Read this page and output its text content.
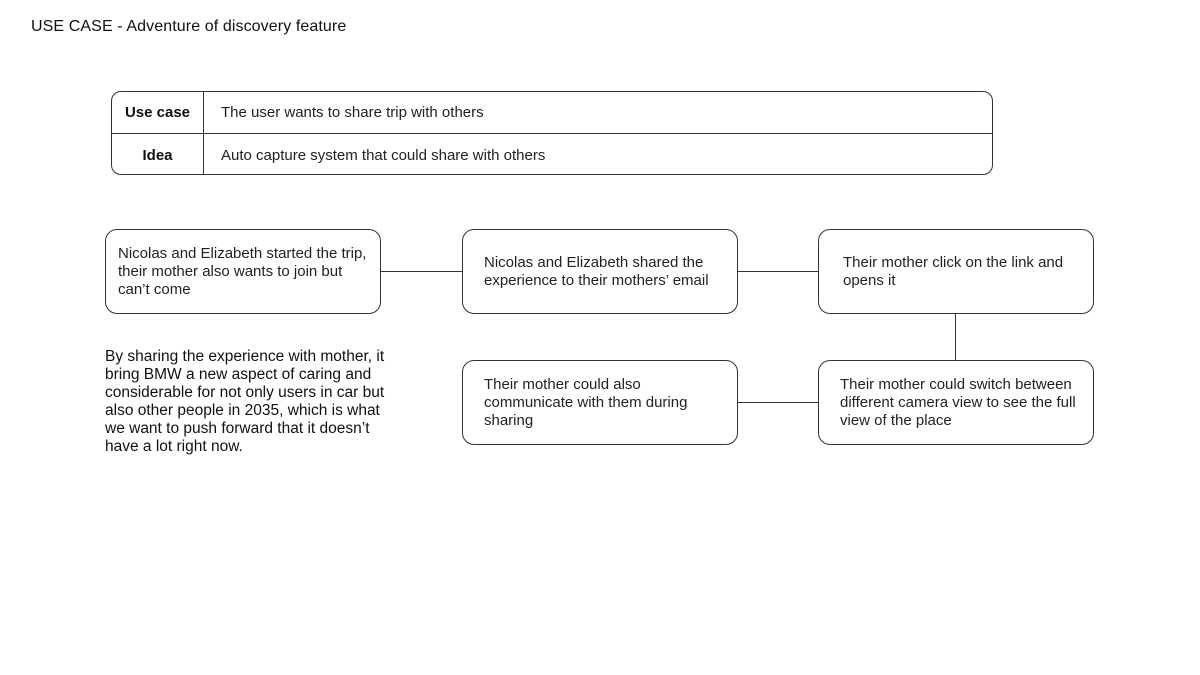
USE CASE - Adventure of discovery feature
Use case	The user wants to share trip with others
Idea	Auto capture system that could share with others
Nicolas and Elizabeth started the trip, their mother also wants to join but can’t come
Nicolas and Elizabeth shared the experience to their mothers’ email
Their mother click on the link and opens it
Their mother could switch between different camera view to see the full view of the place
Their mother could also communicate with them during sharing
By sharing the experience with mother, it bring BMW a new aspect of caring and considerable for not only users in car but also other people in 2035, which is what we want to push forward that it doesn’t have a lot right now.
